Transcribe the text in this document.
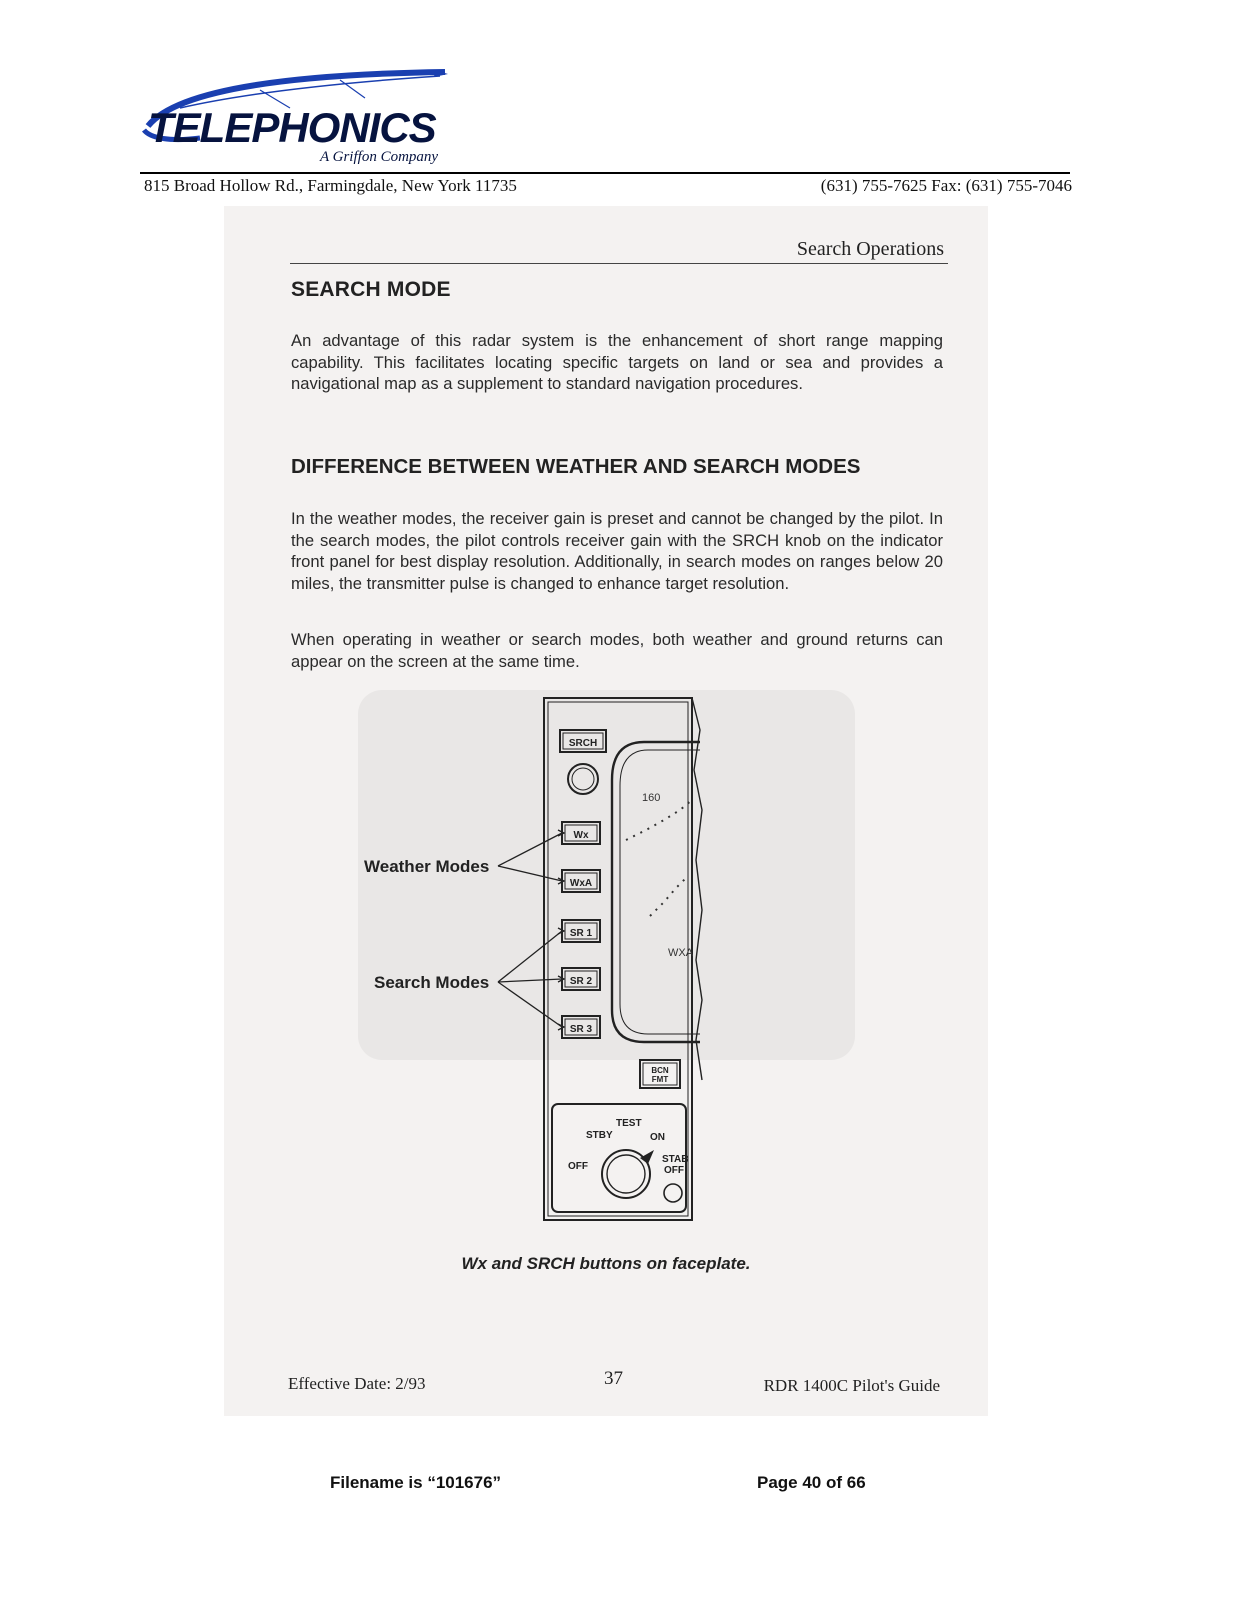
TELEPHONICS
A Griffon Company
815 Broad Hollow Rd., Farmingdale, New York 11735	(631) 755-7625 Fax: (631) 755-7046
Search Operations
SEARCH MODE
An advantage of this radar system is the enhancement of short range mapping capability. This facilitates locating specific targets on land or sea and provides a navigational map as a supplement to standard navigation procedures.
DIFFERENCE BETWEEN WEATHER AND SEARCH MODES
In the weather modes, the receiver gain is preset and cannot be changed by the pilot. In the search modes, the pilot controls receiver gain with the SRCH knob on the indicator front panel for best display resolution. Additionally, in search modes on ranges below 20 miles, the transmitter pulse is changed to enhance target resolution.
When operating in weather or search modes, both weather and ground returns can appear on the screen at the same time.
160
WXA
SRCH
Wx
WxA
SR 1
SR 2
SR 3
Weather Modes
Search Modes
BCN
FMT
TEST
STBY	ON
OFF
STAB
OFF
Wx and SRCH buttons on faceplate.
Effective Date: 2/93	37	RDR 1400C Pilot's Guide
Filename is “101676”	Page 40 of 66
